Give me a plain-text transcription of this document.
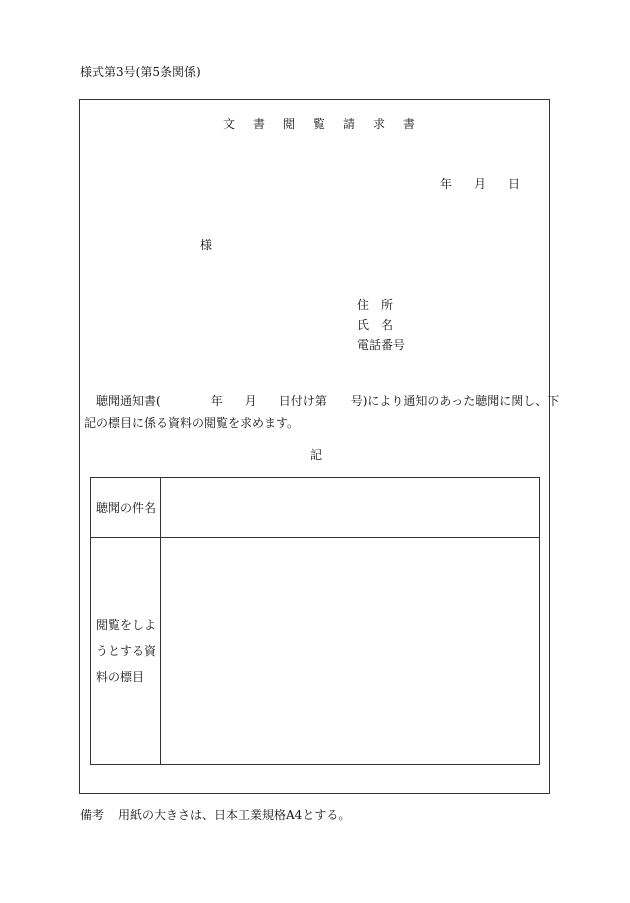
様式第3号(第5条関係)
文書閲覧請求書
年 月 日
様
住所
氏名
電話番号
聴聞通知書(	年 月 日付け第 号)により通知のあった聴聞に関し、下
記の標目に係る資料の閲覧を求めます。
記
聴聞の件名	

閲覧をしよ
うとする資
料の標目	

備考 用紙の大きさは、日本工業規格A4とする。
